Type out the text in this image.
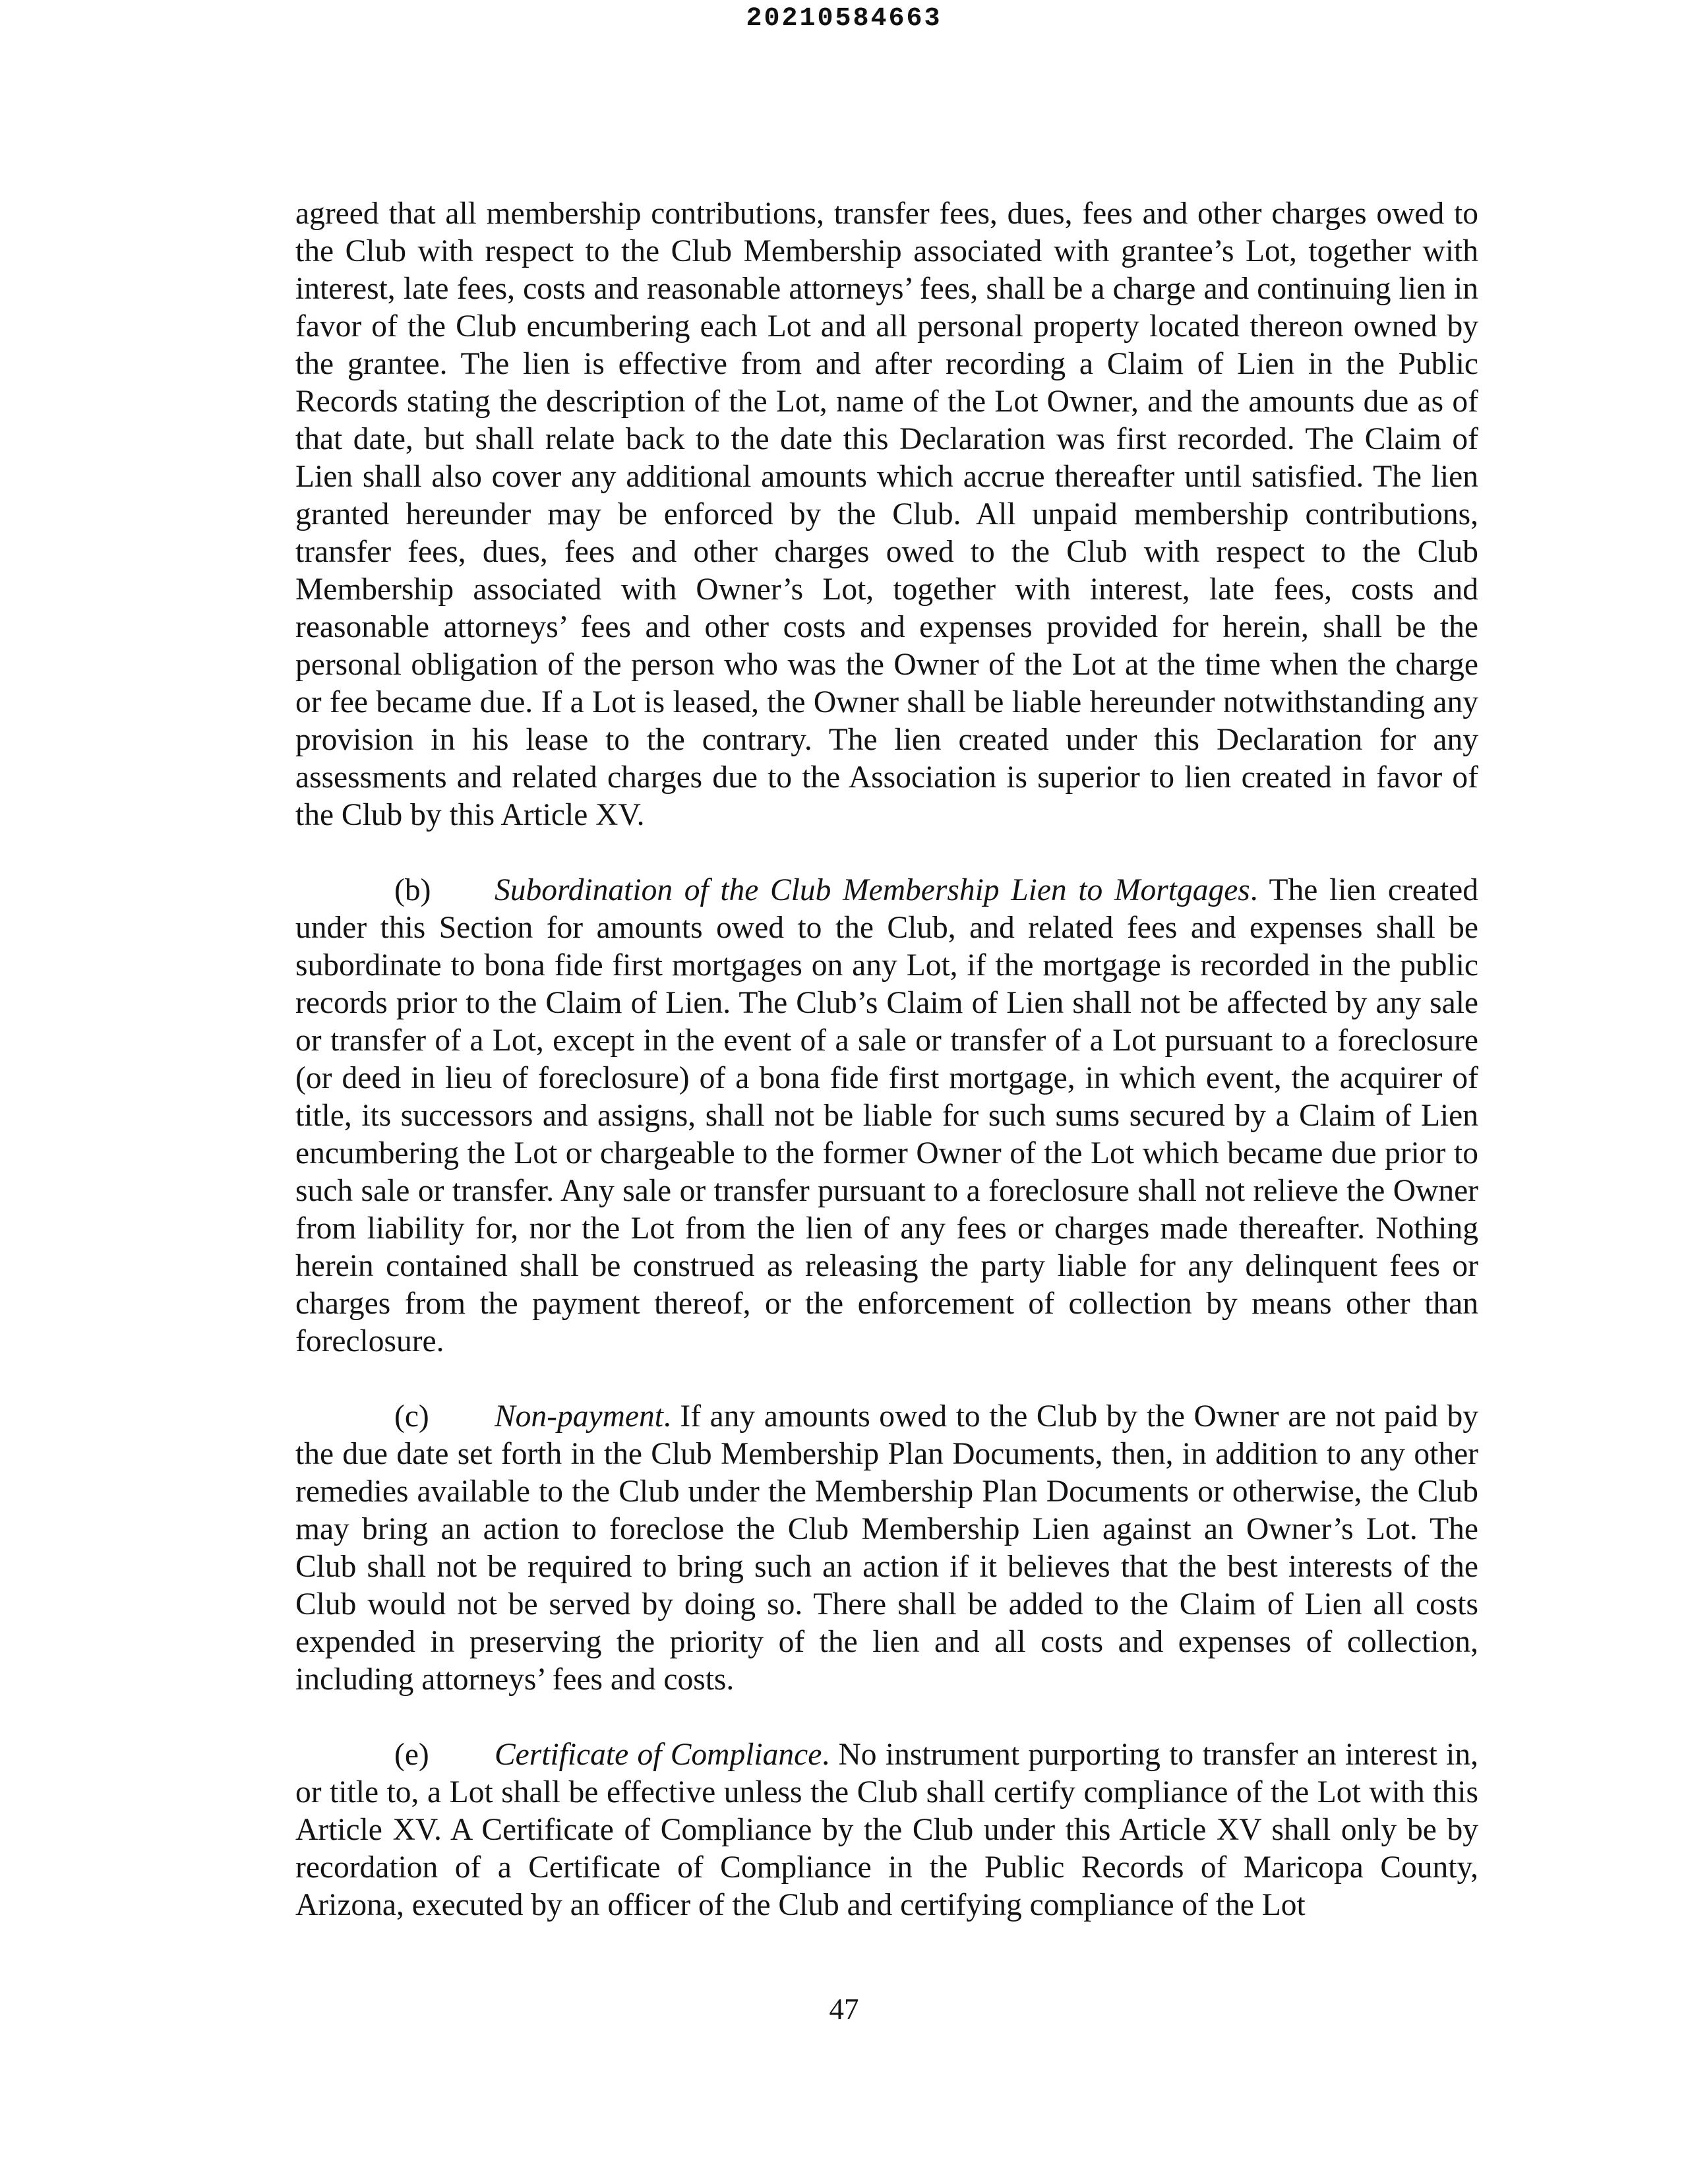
20210584663

agreed that all membership contributions, transfer fees, dues, fees and other charges owed to the Club with respect to the Club Membership associated with grantee’s Lot, together with interest, late fees, costs and reasonable attorneys’ fees, shall be a charge and continuing lien in favor of the Club encumbering each Lot and all personal property located thereon owned by the grantee. The lien is effective from and after recording a Claim of Lien in the Public Records stating the description of the Lot, name of the Lot Owner, and the amounts due as of that date, but shall relate back to the date this Declaration was first recorded. The Claim of Lien shall also cover any additional amounts which accrue thereafter until satisfied. The lien granted hereunder may be enforced by the Club. All unpaid membership contributions, transfer fees, dues, fees and other charges owed to the Club with respect to the Club Membership associated with Owner’s Lot, together with interest, late fees, costs and reasonable attorneys’ fees and other costs and expenses provided for herein, shall be the personal obligation of the person who was the Owner of the Lot at the time when the charge or fee became due. If a Lot is leased, the Owner shall be liable hereunder notwithstanding any provision in his lease to the contrary. The lien created under this Declaration for any assessments and related charges due to the Association is superior to lien created in favor of the Club by this Article XV.

(b) Subordination of the Club Membership Lien to Mortgages. The lien created under this Section for amounts owed to the Club, and related fees and expenses shall be subordinate to bona fide first mortgages on any Lot, if the mortgage is recorded in the public records prior to the Claim of Lien. The Club’s Claim of Lien shall not be affected by any sale or transfer of a Lot, except in the event of a sale or transfer of a Lot pursuant to a foreclosure (or deed in lieu of foreclosure) of a bona fide first mortgage, in which event, the acquirer of title, its successors and assigns, shall not be liable for such sums secured by a Claim of Lien encumbering the Lot or chargeable to the former Owner of the Lot which became due prior to such sale or transfer. Any sale or transfer pursuant to a foreclosure shall not relieve the Owner from liability for, nor the Lot from the lien of any fees or charges made thereafter. Nothing herein contained shall be construed as releasing the party liable for any delinquent fees or charges from the payment thereof, or the enforcement of collection by means other than foreclosure.

(c) Non-payment. If any amounts owed to the Club by the Owner are not paid by the due date set forth in the Club Membership Plan Documents, then, in addition to any other remedies available to the Club under the Membership Plan Documents or otherwise, the Club may bring an action to foreclose the Club Membership Lien against an Owner’s Lot. The Club shall not be required to bring such an action if it believes that the best interests of the Club would not be served by doing so. There shall be added to the Claim of Lien all costs expended in preserving the priority of the lien and all costs and expenses of collection, including attorneys’ fees and costs.

(e) Certificate of Compliance. No instrument purporting to transfer an interest in, or title to, a Lot shall be effective unless the Club shall certify compliance of the Lot with this Article XV. A Certificate of Compliance by the Club under this Article XV shall only be by recordation of a Certificate of Compliance in the Public Records of Maricopa County, Arizona, executed by an officer of the Club and certifying compliance of the Lot

47
